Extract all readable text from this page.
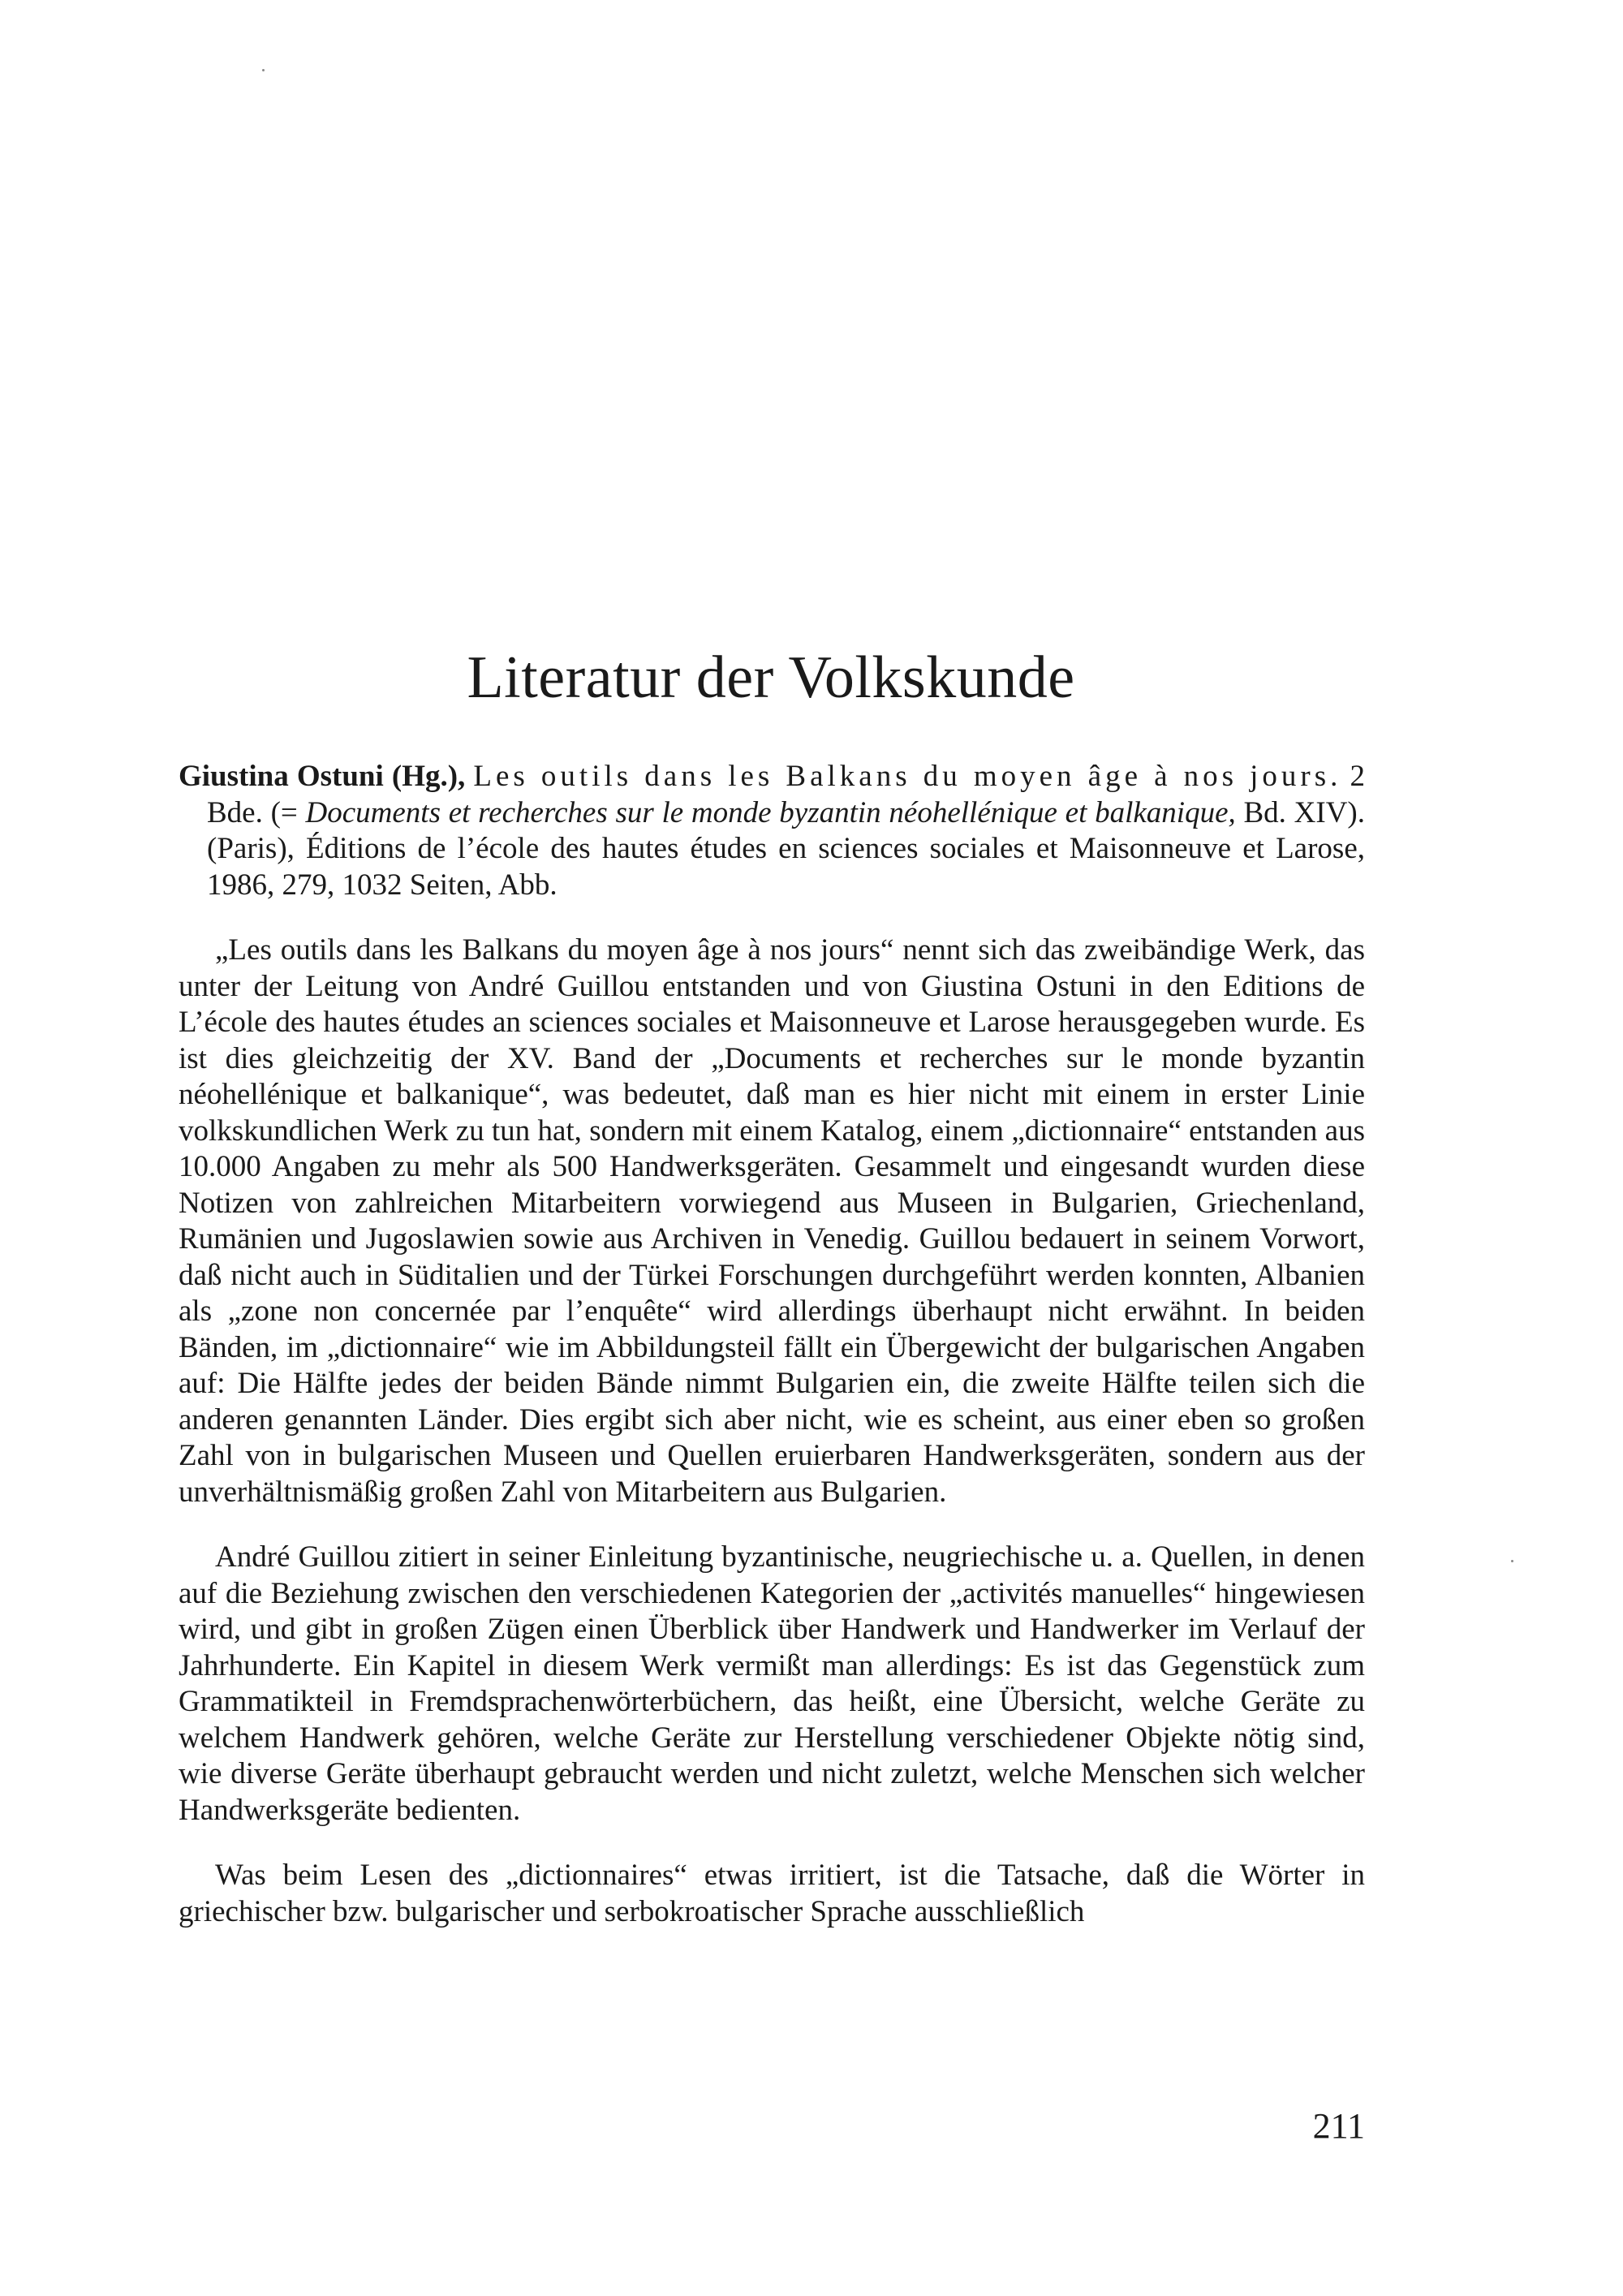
Literatur der Volkskunde

Giustina Ostuni (Hg.), Les outils dans les Balkans du moyen âge à nos jours. 2 Bde. (= Documents et recherches sur le monde byzantin néohellénique et balkanique, Bd. XIV). (Paris), Éditions de l’école des hautes études en sciences sociales et Maisonneuve et Larose, 1986, 279, 1032 Seiten, Abb.

„Les outils dans les Balkans du moyen âge à nos jours“ nennt sich das zweibändige Werk, das unter der Leitung von André Guillou entstanden und von Giustina Ostuni in den Editions de L’école des hautes études an sciences sociales et Maisonneuve et Larose herausgegeben wurde. Es ist dies gleichzeitig der XV. Band der „Documents et recherches sur le monde byzantin néohellénique et balkanique“, was bedeutet, daß man es hier nicht mit einem in erster Linie volkskundlichen Werk zu tun hat, sondern mit einem Katalog, einem „dictionnaire“ entstanden aus 10.000 Angaben zu mehr als 500 Handwerksgeräten. Gesammelt und eingesandt wurden diese Notizen von zahlreichen Mitarbeitern vorwiegend aus Museen in Bulgarien, Griechenland, Rumänien und Jugoslawien sowie aus Archiven in Venedig. Guillou bedauert in seinem Vorwort, daß nicht auch in Süditalien und der Türkei Forschungen durchgeführt werden konnten, Albanien als „zone non concernée par l’enquête“ wird allerdings überhaupt nicht erwähnt. In beiden Bänden, im „dictionnaire“ wie im Abbildungsteil fällt ein Übergewicht der bulgarischen Angaben auf: Die Hälfte jedes der beiden Bände nimmt Bulgarien ein, die zweite Hälfte teilen sich die anderen genannten Länder. Dies ergibt sich aber nicht, wie es scheint, aus einer eben so großen Zahl von in bulgarischen Museen und Quellen eruierbaren Handwerksgeräten, sondern aus der unverhältnismäßig großen Zahl von Mitarbeitern aus Bulgarien.

André Guillou zitiert in seiner Einleitung byzantinische, neugriechische u. a. Quellen, in denen auf die Beziehung zwischen den verschiedenen Kategorien der „activités manuelles“ hingewiesen wird, und gibt in großen Zügen einen Überblick über Handwerk und Handwerker im Verlauf der Jahrhunderte. Ein Kapitel in diesem Werk vermißt man allerdings: Es ist das Gegenstück zum Grammatikteil in Fremdsprachenwörterbüchern, das heißt, eine Übersicht, welche Geräte zu welchem Handwerk gehören, welche Geräte zur Herstellung verschiedener Objekte nötig sind, wie diverse Geräte überhaupt gebraucht werden und nicht zuletzt, welche Menschen sich welcher Handwerksgeräte bedienten.

Was beim Lesen des „dictionnaires“ etwas irritiert, ist die Tatsache, daß die Wörter in griechischer bzw. bulgarischer und serbokroatischer Sprache ausschließlich

211
